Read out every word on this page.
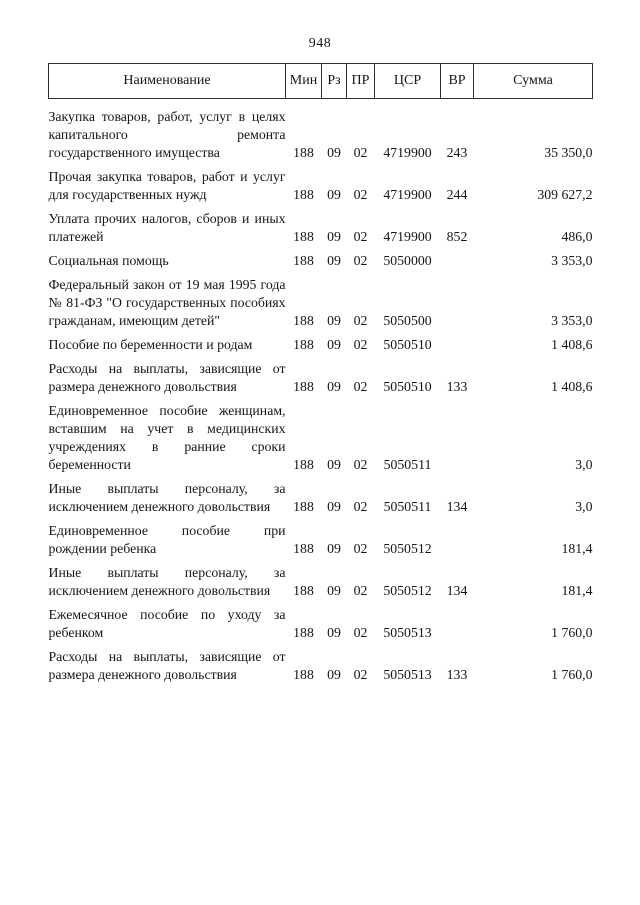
948
Наименование	Мин	Рз	ПР	ЦСР	ВР	Сумма
Закупка товаров, работ, услуг в целях капитального ремонта государственного имущества	188	09	02	4719900	243	35 350,0
Прочая закупка товаров, работ и услуг для государственных нужд	188	09	02	4719900	244	309 627,2
Уплата прочих налогов, сборов и иных платежей	188	09	02	4719900	852	486,0
Социальная помощь	188	09	02	5050000		3 353,0
Федеральный закон от 19 мая 1995 года № 81-ФЗ "О государственных пособиях гражданам, имеющим детей"	188	09	02	5050500		3 353,0
Пособие по беременности и родам	188	09	02	5050510		1 408,6
Расходы на выплаты, зависящие от размера денежного довольствия	188	09	02	5050510	133	1 408,6
Единовременное пособие женщинам, вставшим на учет в медицинских учреждениях в ранние сроки беременности	188	09	02	5050511		3,0
Иные выплаты персоналу, за исключением денежного довольствия	188	09	02	5050511	134	3,0
Единовременное пособие при рождении ребенка	188	09	02	5050512		181,4
Иные выплаты персоналу, за исключением денежного довольствия	188	09	02	5050512	134	181,4
Ежемесячное пособие по уходу за ребенком	188	09	02	5050513		1 760,0
Расходы на выплаты, зависящие от размера денежного довольствия	188	09	02	5050513	133	1 760,0
